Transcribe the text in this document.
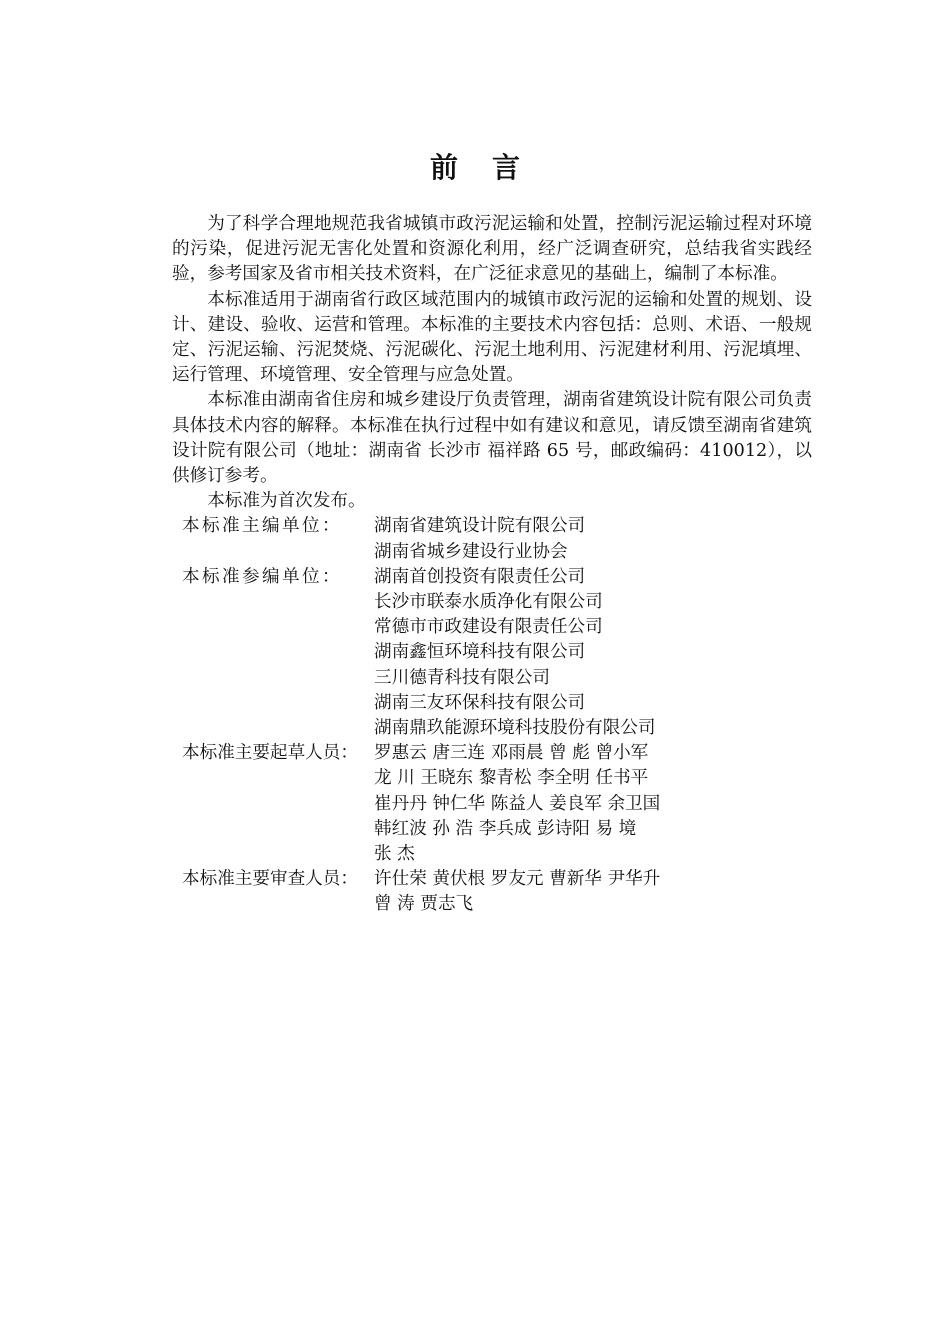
前 言

为了科学合理地规范我省城镇市政污泥运输和处置，控制污泥运输过程对环境的污染，促进污泥无害化处置和资源化利用，经广泛调查研究，总结我省实践经验，参考国家及省市相关技术资料，在广泛征求意见的基础上，编制了本标准。

本标准适用于湖南省行政区域范围内的城镇市政污泥的运输和处置的规划、设计、建设、验收、运营和管理。本标准的主要技术内容包括：总则、术语、一般规定、污泥运输、污泥焚烧、污泥碳化、污泥土地利用、污泥建材利用、污泥填埋、运行管理、环境管理、安全管理与应急处置。

本标准由湖南省住房和城乡建设厅负责管理，湖南省建筑设计院有限公司负责具体技术内容的解释。本标准在执行过程中如有建议和意见，请反馈至湖南省建筑设计院有限公司（地址：湖南省 长沙市 福祥路 65 号，邮政编码：410012），以供修订参考。

本标准为首次发布。

本标准主编单位：	湖南省建筑设计院有限公司
湖南省城乡建设行业协会
本标准参编单位：	湖南首创投资有限责任公司
长沙市联泰水质净化有限公司
常德市市政建设有限责任公司
湖南鑫恒环境科技有限公司
三川德青科技有限公司
湖南三友环保科技有限公司
湖南鼎玖能源环境科技股份有限公司
本标准主要起草人员： 罗惠云 唐三连 邓雨晨 曾 彪 曾小军
龙 川 王晓东 黎青松 李全明 任书平
崔丹丹 钟仁华 陈益人 姜良军 余卫国
韩红波 孙 浩 李兵成 彭诗阳 易 境
张 杰
本标准主要审查人员： 许仕荣 黄伏根 罗友元 曹新华 尹华升
曾 涛 贾志飞
